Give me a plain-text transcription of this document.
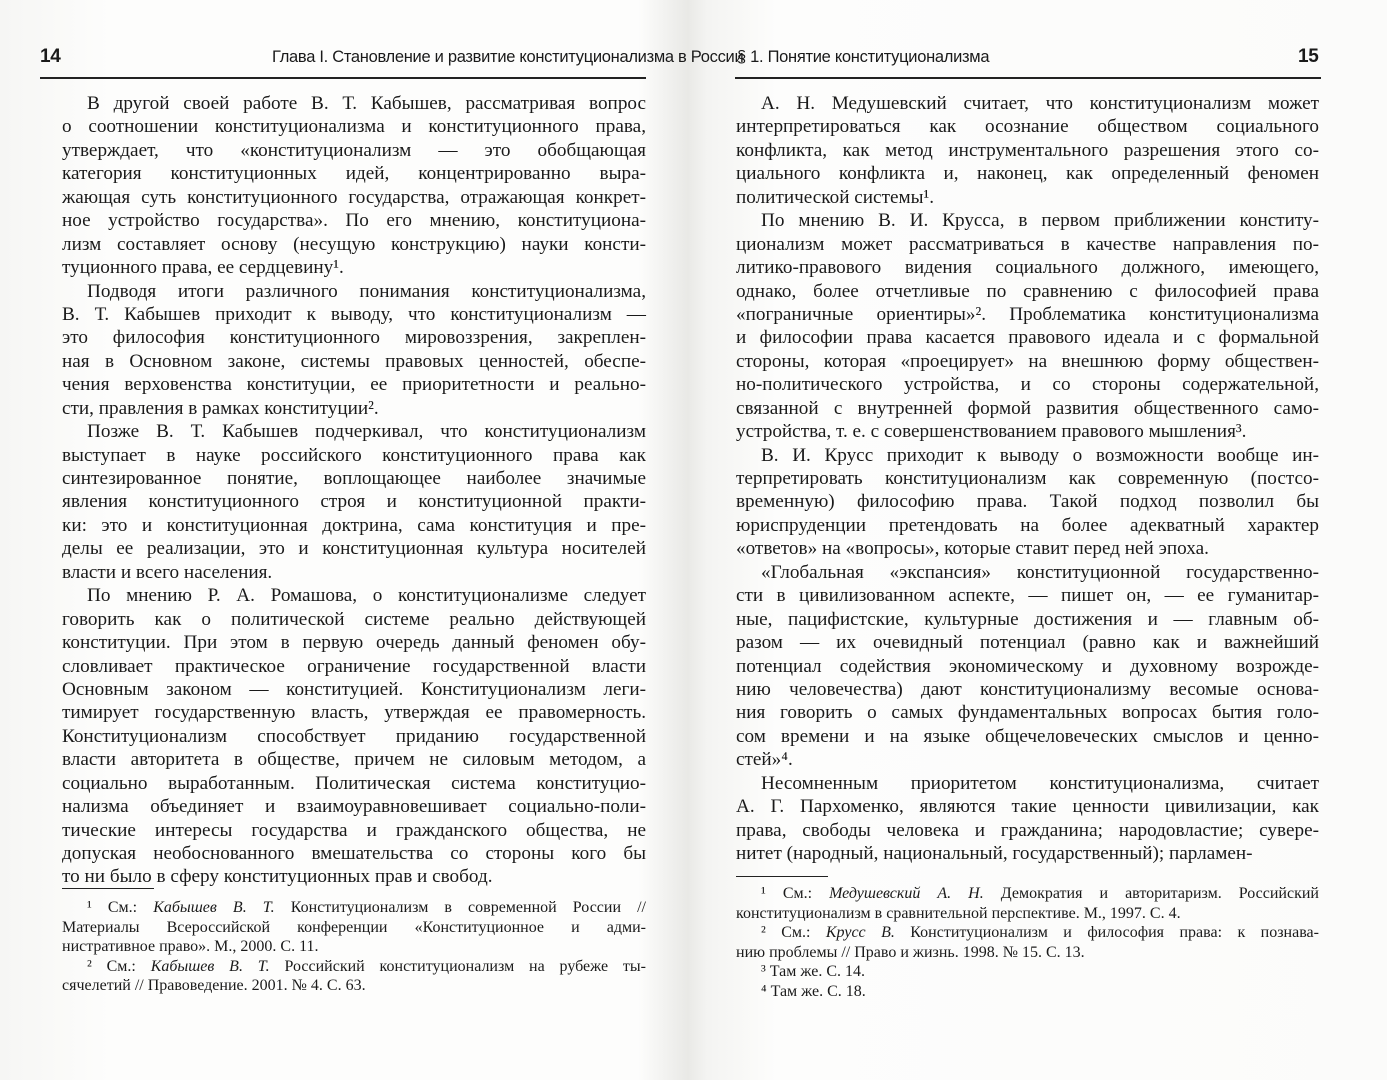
14	Глава I. Становление и развитие конституционализма в России
В другой своей работе В. Т. Кабышев, рассматривая вопрос
о соотношении конституционализма и конституционного права,
утверждает, что «конституционализм — это обобщающая
категория конституционных идей, концентрированно выра-
жающая суть конституционного государства, отражающая конкрет-
ное устройство государства». По его мнению, конституциона-
лизм составляет основу (несущую конструкцию) науки консти-
туционного права, ее сердцевину¹.
Подводя итоги различного понимания конституционализма,
В. Т. Кабышев приходит к выводу, что конституционализм —
это философия конституционного мировоззрения, закреплен-
ная в Основном законе, системы правовых ценностей, обеспе-
чения верховенства конституции, ее приоритетности и реально-
сти, правления в рамках конституции².
Позже В. Т. Кабышев подчеркивал, что конституционализм
выступает в науке российского конституционного права как
синтезированное понятие, воплощающее наиболее значимые
явления конституционного строя и конституционной практи-
ки: это и конституционная доктрина, сама конституция и пре-
делы ее реализации, это и конституционная культура носителей
власти и всего населения.
По мнению Р. А. Ромашова, о конституционализме следует
говорить как о политической системе реально действующей
конституции. При этом в первую очередь данный феномен обу-
словливает практическое ограничение государственной власти
Основным законом — конституцией. Конституционализм леги-
тимирует государственную власть, утверждая ее правомерность.
Конституционализм способствует приданию государственной
власти авторитета в обществе, причем не силовым методом, а
социально выработанным. Политическая система конституцио-
нализма объединяет и взаимоуравновешивает социально-поли-
тические интересы государства и гражданского общества, не
допуская необоснованного вмешательства со стороны кого бы
то ни было в сферу конституционных прав и свобод.
¹ См.: Кабышев В. Т. Конституционализм в современной России //
Материалы Всероссийской конференции «Конституционное и адми-
нистративное право». М., 2000. С. 11.
² См.: Кабышев В. Т. Российский конституционализм на рубеже ты-
сячелетий // Правоведение. 2001. № 4. С. 63.
§ 1. Понятие конституционализма	15
А. Н. Медушевский считает, что конституционализм может
интерпретироваться как осознание обществом социального
конфликта, как метод инструментального разрешения этого со-
циального конфликта и, наконец, как определенный феномен
политической системы¹.
По мнению В. И. Крусса, в первом приближении конститу-
ционализм может рассматриваться в качестве направления по-
литико-правового видения социального должного, имеющего,
однако, более отчетливые по сравнению с философией права
«пограничные ориентиры»². Проблематика конституционализма
и философии права касается правового идеала и с формальной
стороны, которая «проецирует» на внешнюю форму обществен-
но-политического устройства, и со стороны содержательной,
связанной с внутренней формой развития общественного само-
устройства, т. е. с совершенствованием правового мышления³.
В. И. Крусс приходит к выводу о возможности вообще ин-
терпретировать конституционализм как современную (постсо-
временную) философию права. Такой подход позволил бы
юриспруденции претендовать на более адекватный характер
«ответов» на «вопросы», которые ставит перед ней эпоха.
«Глобальная «экспансия» конституционной государственно-
сти в цивилизованном аспекте, — пишет он, — ее гуманитар-
ные, пацифистские, культурные достижения и — главным об-
разом — их очевидный потенциал (равно как и важнейший
потенциал содействия экономическому и духовному возрожде-
нию человечества) дают конституционализму весомые основа-
ния говорить о самых фундаментальных вопросах бытия голо-
сом времени и на языке общечеловеческих смыслов и ценно-
стей»⁴.
Несомненным приоритетом конституционализма, считает
А. Г. Пархоменко, являются такие ценности цивилизации, как
права, свободы человека и гражданина; народовластие; сувере-
нитет (народный, национальный, государственный); парламен-
¹ См.: Медушевский А. Н. Демократия и авторитаризм. Российский
конституционализм в сравнительной перспективе. М., 1997. С. 4.
² См.: Крусс В. Конституционализм и философия права: к познава-
нию проблемы // Право и жизнь. 1998. № 15. С. 13.
³ Там же. С. 14.
⁴ Там же. С. 18.
